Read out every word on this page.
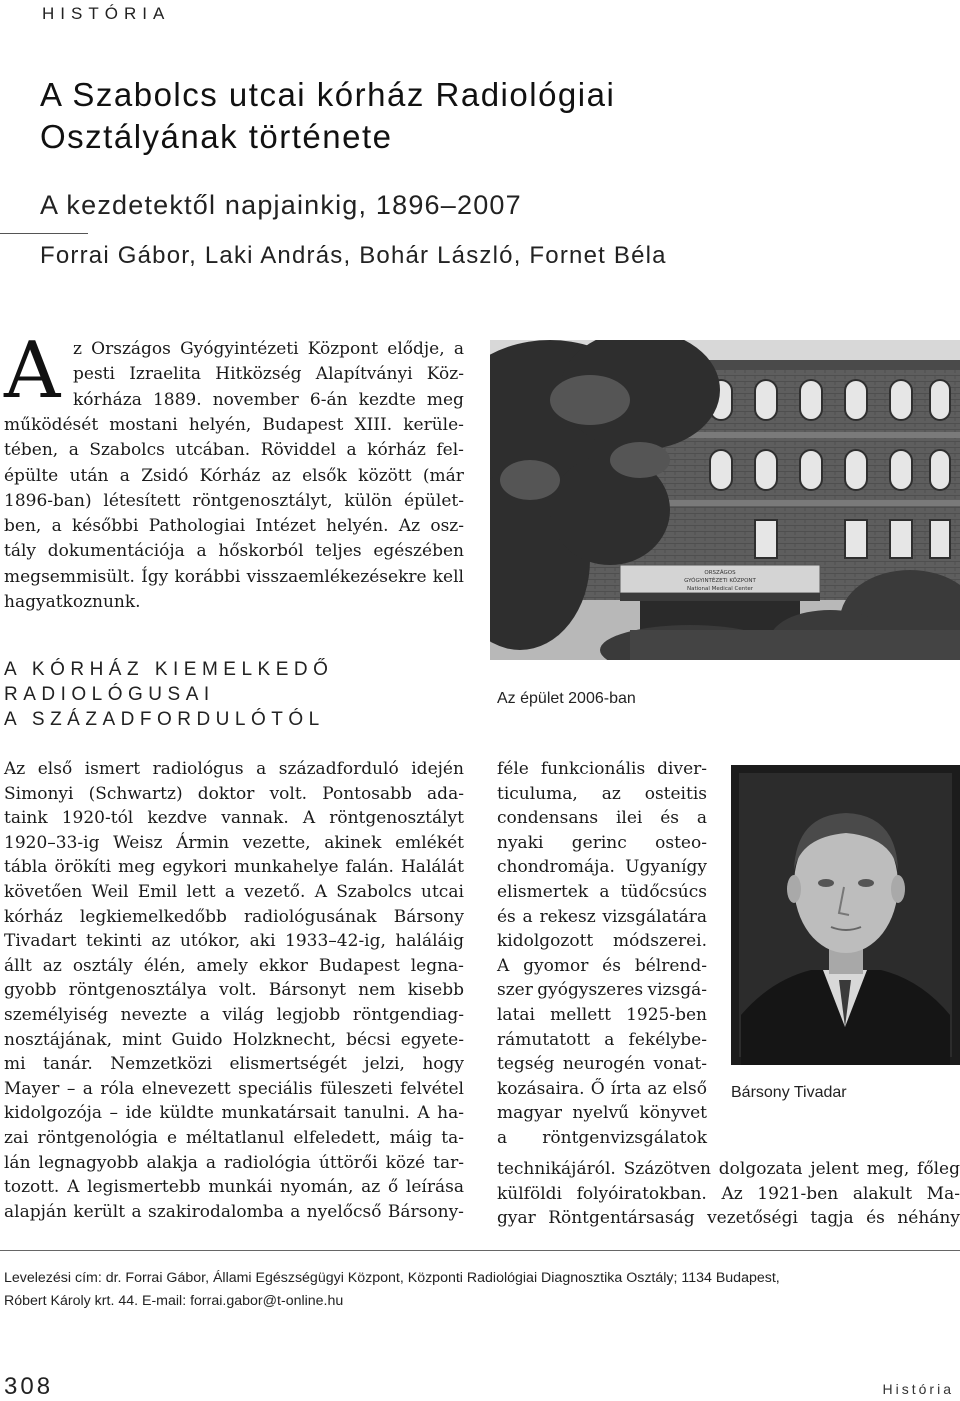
HISTÓRIA
A Szabolcs utcai kórház Radiológiai
Osztályának története
A kezdetektől napjainkig, 1896–2007
Forrai Gábor, Laki András, Bohár László, Fornet Béla
A z Országos Gyógyintézeti Központ elődje, a
pesti Izraelita Hitközség Alapítványi Köz-
kórháza 1889. november 6-án kezdte meg
működését mostani helyén, Budapest XIII. kerüle-
tében, a Szabolcs utcában. Röviddel a kórház fel-
épülte után a Zsidó Kórház az elsők között (már
1896-ban) létesített röntgenosztályt, külön épület-
ben, a későbbi Pathologiai Intézet helyén. Az osz-
tály dokumentációja a hőskorból teljes egészében
megsemmisült. Így korábbi visszaemlékezésekre kell
hagyatkoznunk.
ORSZÁGOS
GYÓGYINTÉZETI KÖZPONT
National Medical Center
Az épület 2006-ban
A KÓRHÁZ KIEMELKEDŐ
RADIOLÓGUSAI
A SZÁZADFORDULÓTÓL
Az első ismert radiológus a századforduló idején
Simonyi (Schwartz) doktor volt. Pontosabb ada-
taink 1920-tól kezdve vannak. A röntgenosztályt
1920–33-ig Weisz Ármin vezette, akinek emlékét
tábla örökíti meg egykori munkahelye falán. Halálát
követően Weil Emil lett a vezető. A Szabolcs utcai
kórház legkiemelkedőbb radiológusának Bársony
Tivadart tekinti az utókor, aki 1933–42-ig, haláláig
állt az osztály élén, amely ekkor Budapest legna-
gyobb röntgenosztálya volt. Bársonyt nem kisebb
személyiség nevezte a világ legjobb röntgendiag-
nosztájának, mint Guido Holzknecht, bécsi egyete-
mi tanár. Nemzetközi elismertségét jelzi, hogy
Mayer – a róla elnevezett speciális füleszeti felvétel
kidolgozója – ide küldte munkatársait tanulni. A ha-
zai röntgenológia e méltatlanul elfeledett, máig ta-
lán legnagyobb alakja a radiológia úttörői közé tar-
tozott. A legismertebb munkái nyomán, az ő leírása
alapján került a szakirodalomba a nyelőcső Bársony-
féle funkcionális diver-
ticuluma, az osteitis
condensans ilei és a
nyaki gerinc osteo-
chondromája. Ugyanígy
elismertek a tüdőcsúcs
és a rekesz vizsgálatára
kidolgozott módszerei.
A gyomor és bélrend-
szer gyógyszeres vizsgá-
latai mellett 1925-ben
rámutatott a fekélybe-
tegség neurogén vonat-
kozásaira. Ő írta az első
magyar nyelvű könyvet
a röntgenvizsgálatok
technikájáról. Százötven dolgozata jelent meg, főleg
külföldi folyóiratokban. Az 1921-ben alakult Ma-
gyar Röntgentársaság vezetőségi tagja és néhány
Bársony Tivadar
Levelezési cím: dr. Forrai Gábor, Állami Egészségügyi Központ, Központi Radiológiai Diagnosztika Osztály; 1134 Budapest,
Róbert Károly krt. 44. E-mail: forrai.gabor@t-online.hu
308	História
